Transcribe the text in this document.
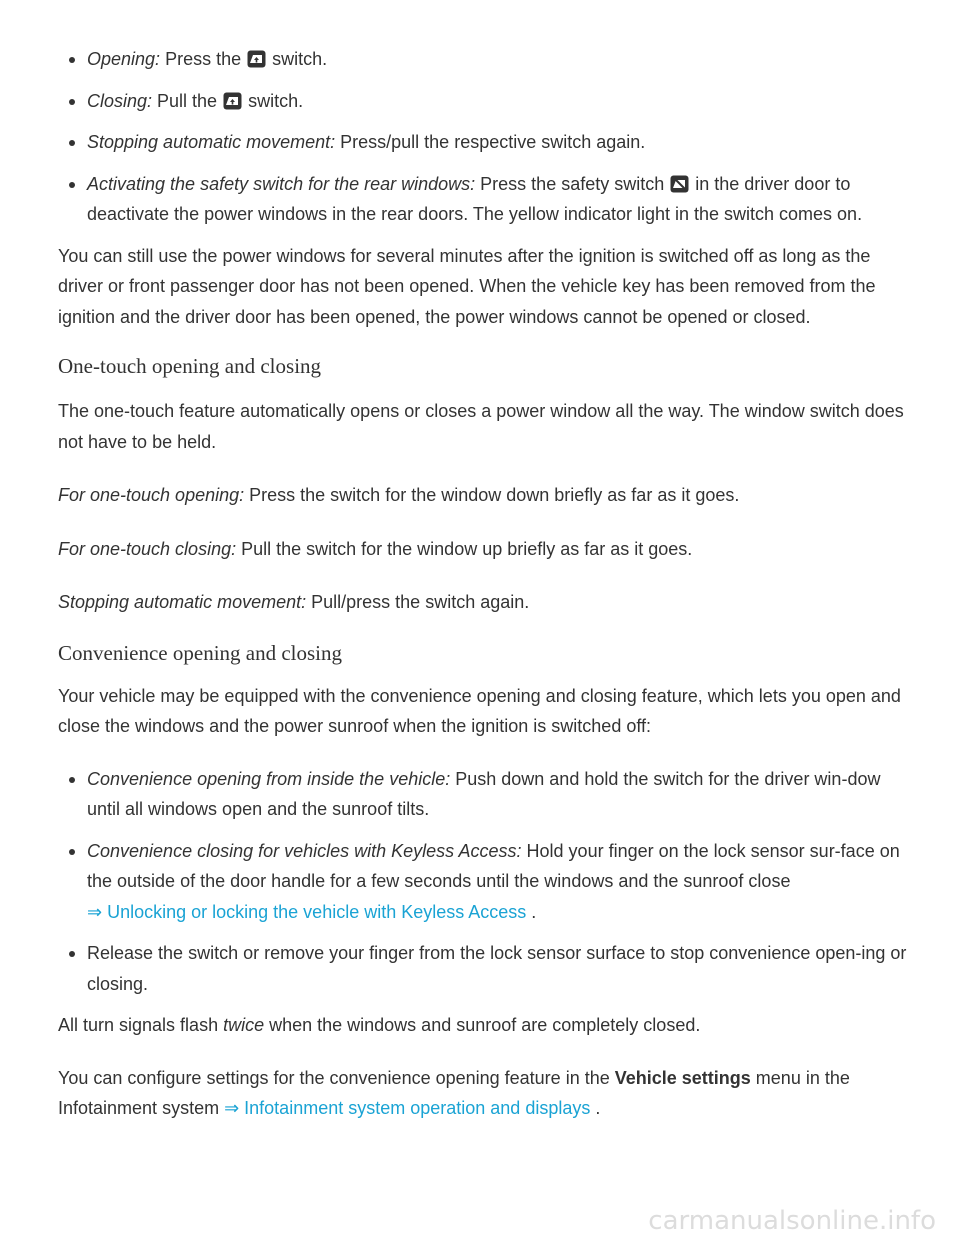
Opening: Press the
switch.
Closing: Pull the
switch.
Stopping automatic movement: Press/pull the respective switch again.
Activating the safety switch for the rear windows: Press the safety switch
in the driver door to deactivate the power windows in the rear doors. The yellow indicator light in the switch comes on.

You can still use the power windows for several minutes after the ignition is switched off as long as the driver or front passenger door has not been opened. When the vehicle key has been removed from the ignition and the driver door has been opened, the power windows cannot be opened or closed.

One-touch opening and closing

The one-touch feature automatically opens or closes a power window all the way. The window switch does not have to be held.

For one-touch opening: Press the switch for the window down briefly as far as it goes.

For one-touch closing: Pull the switch for the window up briefly as far as it goes.

Stopping automatic movement: Pull/press the switch again.

Convenience opening and closing

Your vehicle may be equipped with the convenience opening and closing feature, which lets you open and close the windows and the power sunroof when the ignition is switched off:

Convenience opening from inside the vehicle: Push down and hold the switch for the driver win-dow until all windows open and the sunroof tilts.
Convenience closing for vehicles with Keyless Access: Hold your finger on the lock sensor sur-face on the outside of the door handle for a few seconds until the windows and the sunroof close
⇒ Unlocking or locking the vehicle with Keyless Access .
Release the switch or remove your finger from the lock sensor surface to stop convenience open-ing or closing.

All turn signals flash twice when the windows and sunroof are completely closed.

You can configure settings for the convenience opening feature in the Vehicle settings menu in the Infotainment system ⇒ Infotainment system operation and displays .

carmanualsonline.info
